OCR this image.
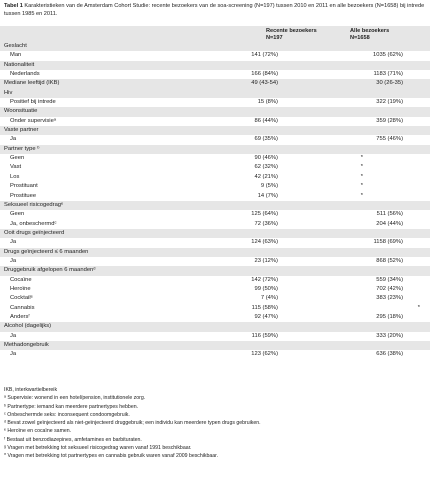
Tabel 1 Karakteristieken van de Amsterdam Cohort Studie: recente bezoekers van de soa-screening (N=197) tussen 2010 en 2011 en alle bezoekers (N=1658) bij intrede tussen 1985 en 2011.
Recente bezoekers
N=197
Alle bezoekers
N=1658
Geslacht
Man	141 (72%)	1035 (62%)
Nationaliteit
Nederlands	166 (84%)	1183 (71%)
Mediane leeftijd (IKB)	49 (43-54)	30 (26-35)
Hiv
Positief bij intrede	15 (8%)	322 (19%)
Woonsituatie
Onder supervisieᵃ	86 (44%)	359 (28%)
Vaste partner
Ja	69 (35%)	755 (46%)
Partner type ᵇ
Geen	90 (46%)	*
Vast	62 (32%)	*
Los	42 (21%)	*
Prostituant	9 (5%)	*
Prostituee	14 (7%)	*
Seksueel risicogedragᵉ
Geen	125 (64%)	511 (56%)
Ja, onbeschermdᶜ	72 (36%)	204 (44%)
Ooit drugs geïnjecteerd
Ja	124 (63%)	1158 (69%)
Drugs geïnjecteerd ≤ 6 maanden
Ja	23 (12%)	868 (52%)
Druggebruik afgelopen 6 maandenᵈ
Cocaïne	142 (72%)	559 (34%)
Heroïne	99 (50%)	702 (42%)
Cocktailᵉ	7 (4%)	383 (23%)
Cannabis	115 (58%)	*
Andersᶠ	92 (47%)	295 (18%)
Alcohol (dagelijks)
Ja	116 (59%)	333 (20%)
Methadongebruik
Ja	123 (62%)	636 (38%)
IKB, interkwartielbereik
ᵃ Supervisie: wonend in een hotel/pension, institutionele zorg.
ᵇ Partnertype: iemand kan meerdere partnertypes hebben.
ᶜ Onbeschermde seks: inconsequent condoomgebruik.
ᵈ Bevat zowel geïnjecteerd als niet-geïnjecteerd druggebruik; een individu kan meerdere typen drugs gebruiken.
ᵉ Heroïne en cocaïne samen.
ᶠ Bestaat uit benzodiazepines, amfetamines en barbituraten.
ᵍ Vragen met betrekking tot seksueel risicogedrag waren vanaf 1991 beschikbaar.
* Vragen met betrekking tot partnertypes en cannabis gebruik waren vanaf 2009 beschikbaar.
